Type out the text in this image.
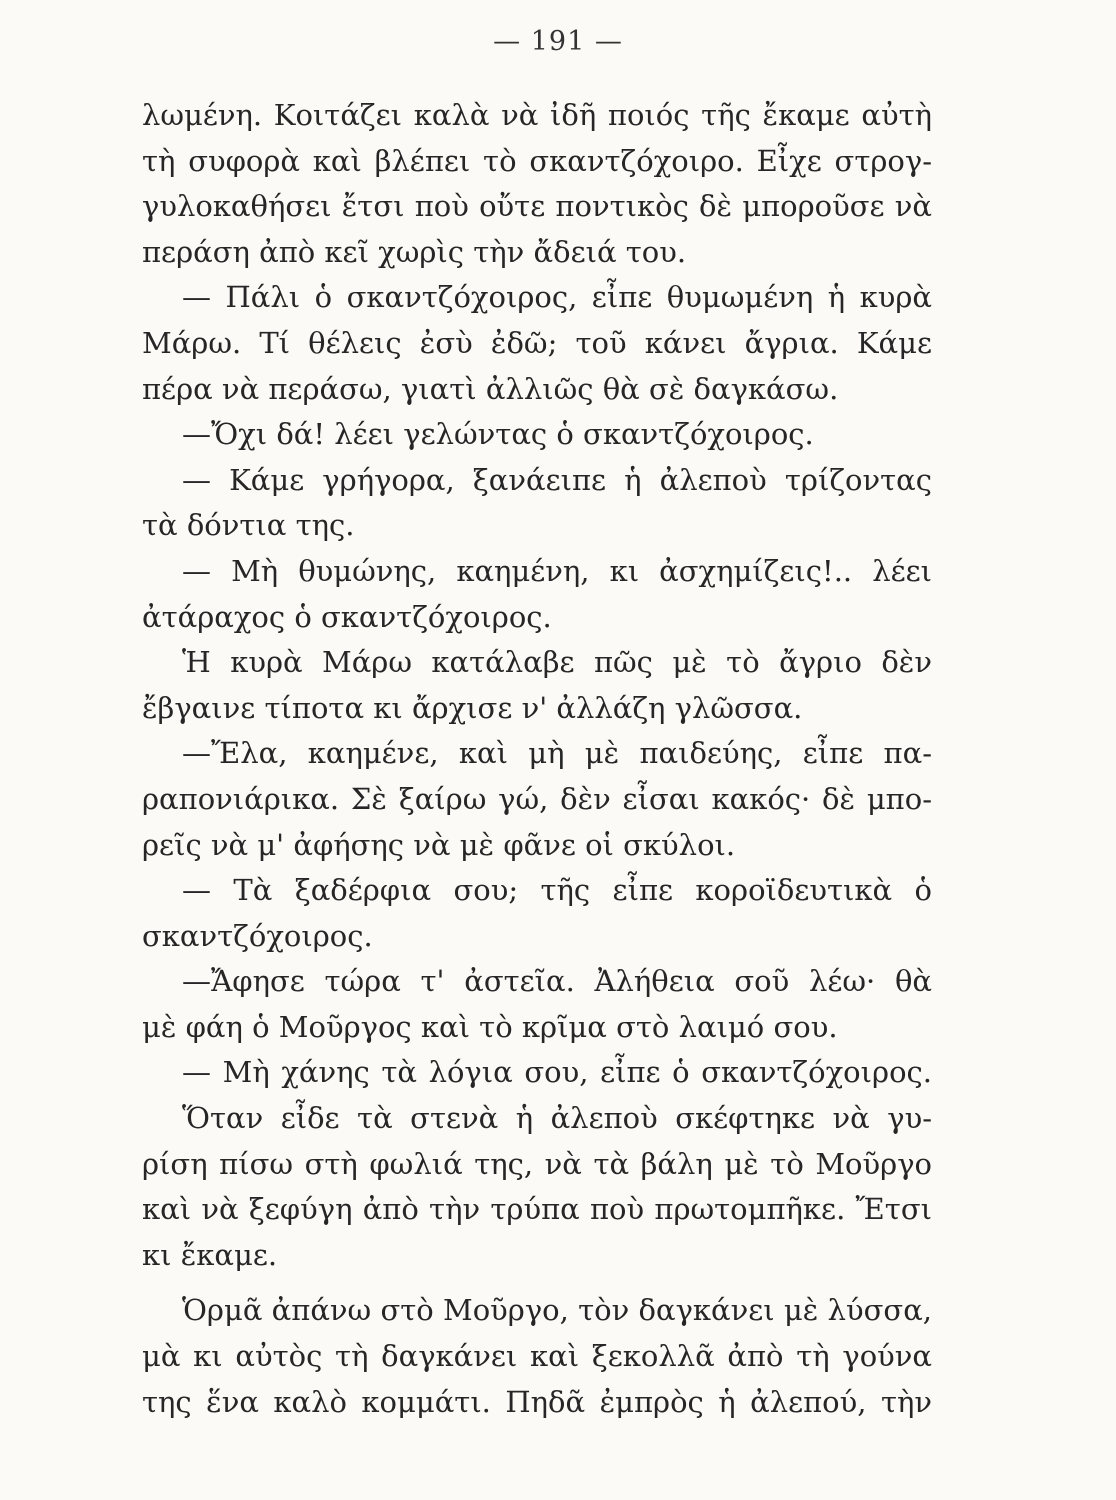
— 191 —
λωμένη. Κοιτάζει καλὰ νὰ ἰδῆ ποιός τῆς ἔκαμε αὐτὴ
τὴ συφορὰ καὶ βλέπει τὸ σκαντζόχοιρο. Εἶχε στρογ-
γυλοκαθήσει ἔτσι ποὺ οὔτε ποντικὸς δὲ μποροῦσε νὰ
περάση ἀπὸ κεῖ χωρὶς τὴν ἄδειά του.
— Πάλι ὁ σκαντζόχοιρος, εἶπε θυμωμένη ἡ κυρὰ
Μάρω. Τί θέλεις ἐσὺ ἐδῶ; τοῦ κάνει ἄγρια. Κάμε
πέρα νὰ περάσω, γιατὶ ἀλλιῶς θὰ σὲ δαγκάσω.
—Ὄχι δά! λέει γελώντας ὁ σκαντζόχοιρος.
— Κάμε γρήγορα, ξανάειπε ἡ ἀλεποὺ τρίζοντας
τὰ δόντια της.
— Μὴ θυμώνης, καημένη, κι ἀσχημίζεις!.. λέει
ἀτάραχος ὁ σκαντζόχοιρος.
Ἡ κυρὰ Μάρω κατάλαβε πῶς μὲ τὸ ἄγριο δὲν
ἔβγαινε τίποτα κι ἄρχισε ν' ἀλλάζη γλῶσσα.
—Ἔλα, καημένε, καὶ μὴ μὲ παιδεύης, εἶπε πα-
ραπονιάρικα. Σὲ ξαίρω γώ, δὲν εἶσαι κακός· δὲ μπο-
ρεῖς νὰ μ' ἀφήσης νὰ μὲ φᾶνε οἱ σκύλοι.
— Τὰ ξαδέρφια σου; τῆς εἶπε κοροϊδευτικὰ ὁ
σκαντζόχοιρος.
—Ἄφησε τώρα τ' ἀστεῖα. Ἀλήθεια σοῦ λέω· θὰ
μὲ φάη ὁ Μοῦργος καὶ τὸ κρῖμα στὸ λαιμό σου.
— Μὴ χάνης τὰ λόγια σου, εἶπε ὁ σκαντζόχοιρος.
Ὅταν εἶδε τὰ στενὰ ἡ ἀλεποὺ σκέφτηκε νὰ γυ-
ρίση πίσω στὴ φωλιά της, νὰ τὰ βάλη μὲ τὸ Μοῦργο
καὶ νὰ ξεφύγη ἀπὸ τὴν τρύπα ποὺ πρωτομπῆκε. Ἔτσι
κι ἔκαμε.
Ὁρμᾶ ἀπάνω στὸ Μοῦργο, τὸν δαγκάνει μὲ λύσσα,
μὰ κι αὐτὸς τὴ δαγκάνει καὶ ξεκολλᾶ ἀπὸ τὴ γούνα
της ἕνα καλὸ κομμάτι. Πηδᾶ ἐμπρὸς ἡ ἀλεπού, τὴν
